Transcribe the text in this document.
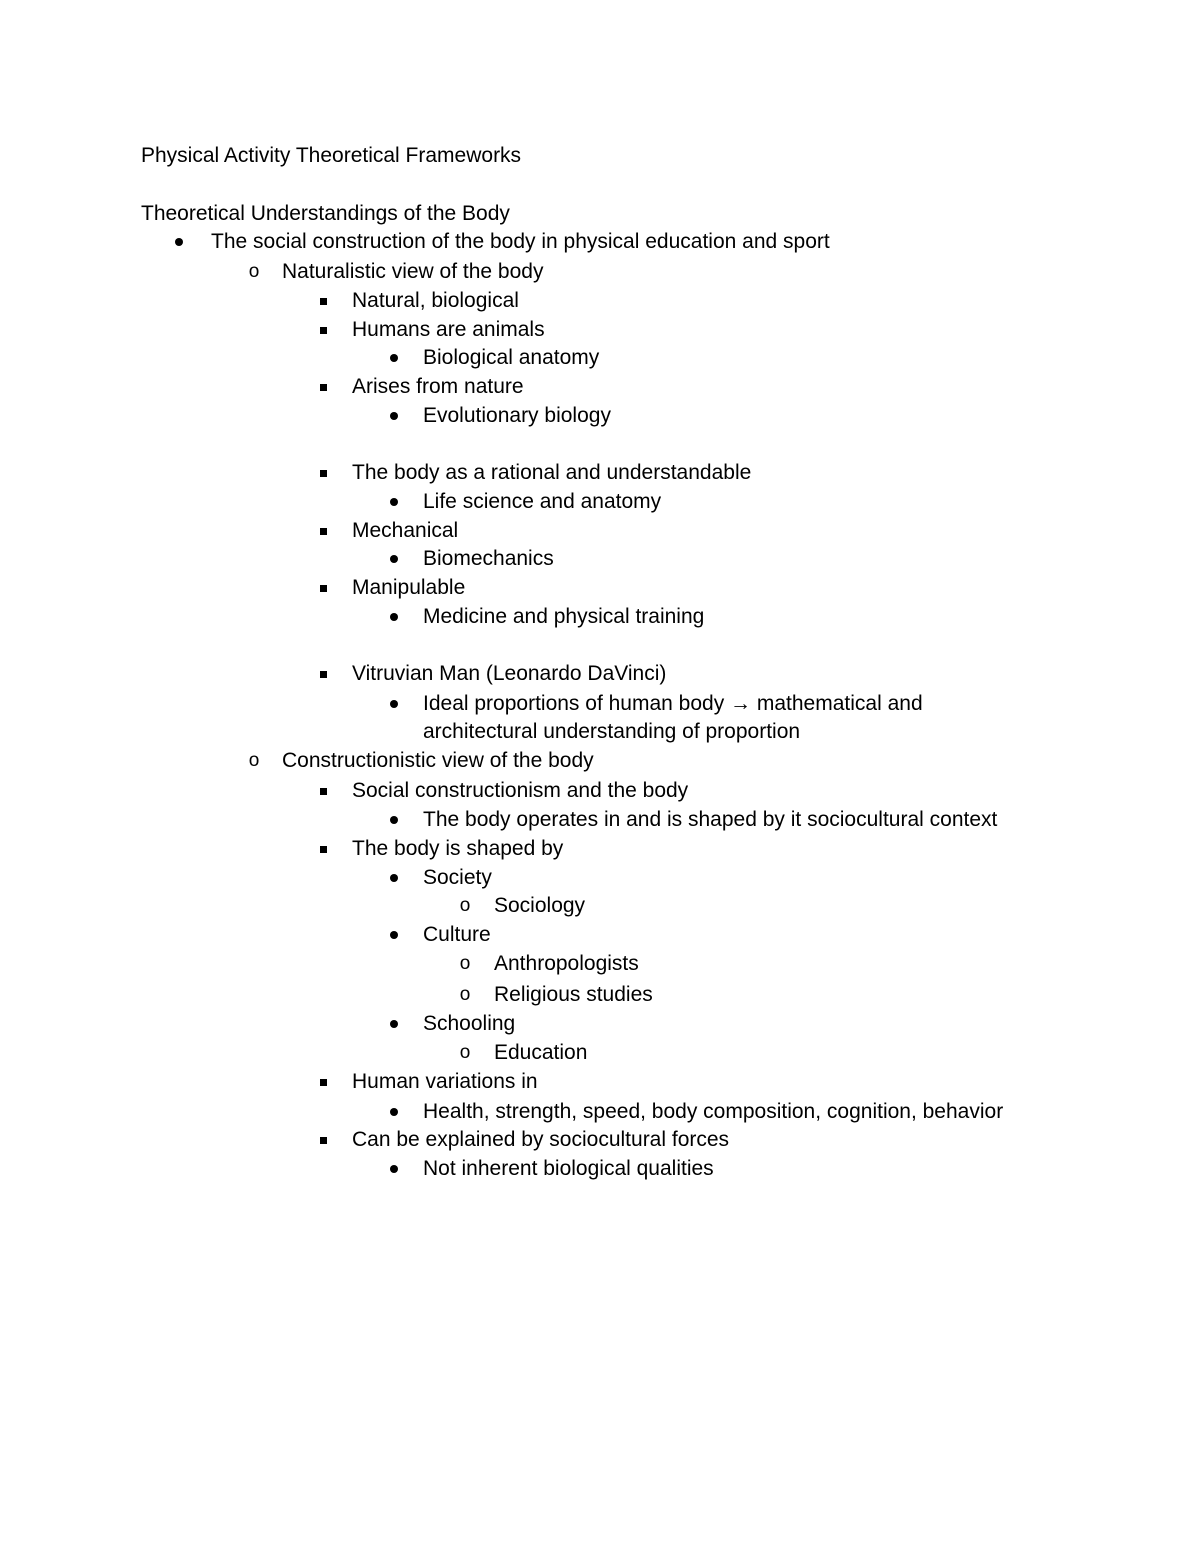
Physical Activity Theoretical Frameworks
Theoretical Understandings of the Body
The social construction of the body in physical education and sport
o Naturalistic view of the body
Natural, biological
Humans are animals
Biological anatomy
Arises from nature
Evolutionary biology
The body as a rational and understandable
Life science and anatomy
Mechanical
Biomechanics
Manipulable
Medicine and physical training
Vitruvian Man (Leonardo DaVinci)
Ideal proportions of human body → mathematical and
architectural understanding of proportion
o Constructionistic view of the body
Social constructionism and the body
The body operates in and is shaped by it sociocultural context
The body is shaped by
Society
o Sociology
Culture
o Anthropologists
o Religious studies
Schooling
o Education
Human variations in
Health, strength, speed, body composition, cognition, behavior
Can be explained by sociocultural forces
Not inherent biological qualities
